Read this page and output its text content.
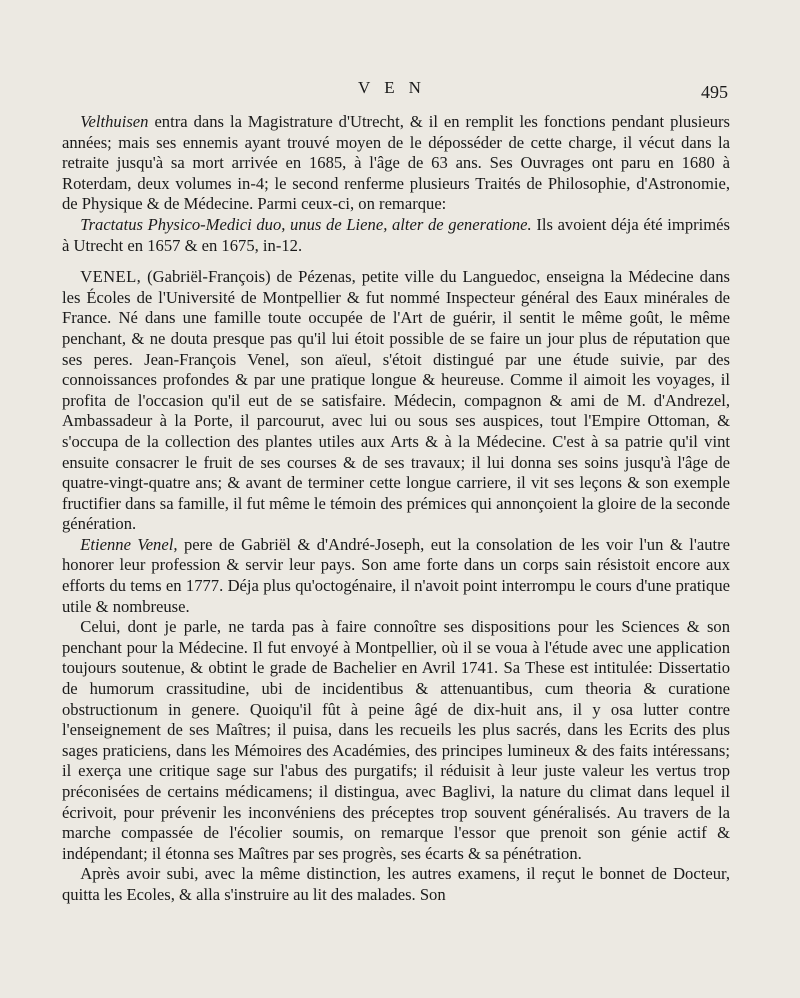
VEN	495

Velthuisen entra dans la Magistrature d'Utrecht, & il en remplit les fonctions pendant plusieurs années; mais ses ennemis ayant trouvé moyen de le déposséder de cette charge, il vécut dans la retraite jusqu'à sa mort arrivée en 1685, à l'âge de 63 ans. Ses Ouvrages ont paru en 1680 à Roterdam, deux volumes in-4; le second renferme plusieurs Traités de Philosophie, d'Astronomie, de Physique & de Médecine. Parmi ceux-ci, on remarque:

Tractatus Physico-Medici duo, unus de Liene, alter de generatione. Ils avoient déja été imprimés à Utrecht en 1657 & en 1675, in-12.

VENEL, (Gabriël-François) de Pézenas, petite ville du Languedoc, enseigna la Médecine dans les Écoles de l'Université de Montpellier & fut nommé Inspecteur général des Eaux minérales de France. Né dans une famille toute occupée de l'Art de guérir, il sentit le même goût, le même penchant, & ne douta presque pas qu'il lui étoit possible de se faire un jour plus de réputation que ses peres. Jean-François Venel, son aïeul, s'étoit distingué par une étude suivie, par des connoissances profondes & par une pratique longue & heureuse. Comme il aimoit les voyages, il profita de l'occasion qu'il eut de se satisfaire. Médecin, compagnon & ami de M. d'Andrezel, Ambassadeur à la Porte, il parcourut, avec lui ou sous ses auspices, tout l'Empire Ottoman, & s'occupa de la collection des plantes utiles aux Arts & à la Médecine. C'est à sa patrie qu'il vint ensuite consacrer le fruit de ses courses & de ses travaux; il lui donna ses soins jusqu'à l'âge de quatre-vingt-quatre ans; & avant de terminer cette longue carriere, il vit ses leçons & son exemple fructifier dans sa famille, il fut même le témoin des prémices qui annonçoient la gloire de la seconde génération.

Etienne Venel, pere de Gabriël & d'André-Joseph, eut la consolation de les voir l'un & l'autre honorer leur profession & servir leur pays. Son ame forte dans un corps sain résistoit encore aux efforts du tems en 1777. Déja plus qu'octogénaire, il n'avoit point interrompu le cours d'une pratique utile & nombreuse.

Celui, dont je parle, ne tarda pas à faire connoître ses dispositions pour les Sciences & son penchant pour la Médecine. Il fut envoyé à Montpellier, où il se voua à l'étude avec une application toujours soutenue, & obtint le grade de Bachelier en Avril 1741. Sa These est intitulée: Dissertatio de humorum crassitudine, ubi de incidentibus & attenuantibus, cum theoria & curatione obstructionum in genere. Quoiqu'il fût à peine âgé de dix-huit ans, il y osa lutter contre l'enseignement de ses Maîtres; il puisa, dans les recueils les plus sacrés, dans les Ecrits des plus sages praticiens, dans les Mémoires des Académies, des principes lumineux & des faits intéressans; il exerça une critique sage sur l'abus des purgatifs; il réduisit à leur juste valeur les vertus trop préconisées de certains médicamens; il distingua, avec Baglivi, la nature du climat dans lequel il écrivoit, pour prévenir les inconvéniens des préceptes trop souvent généralisés. Au travers de la marche compassée de l'écolier soumis, on remarque l'essor que prenoit son génie actif & indépendant; il étonna ses Maîtres par ses progrès, ses écarts & sa pénétration.

Après avoir subi, avec la même distinction, les autres examens, il reçut le bonnet de Docteur, quitta les Ecoles, & alla s'instruire au lit des malades. Son
